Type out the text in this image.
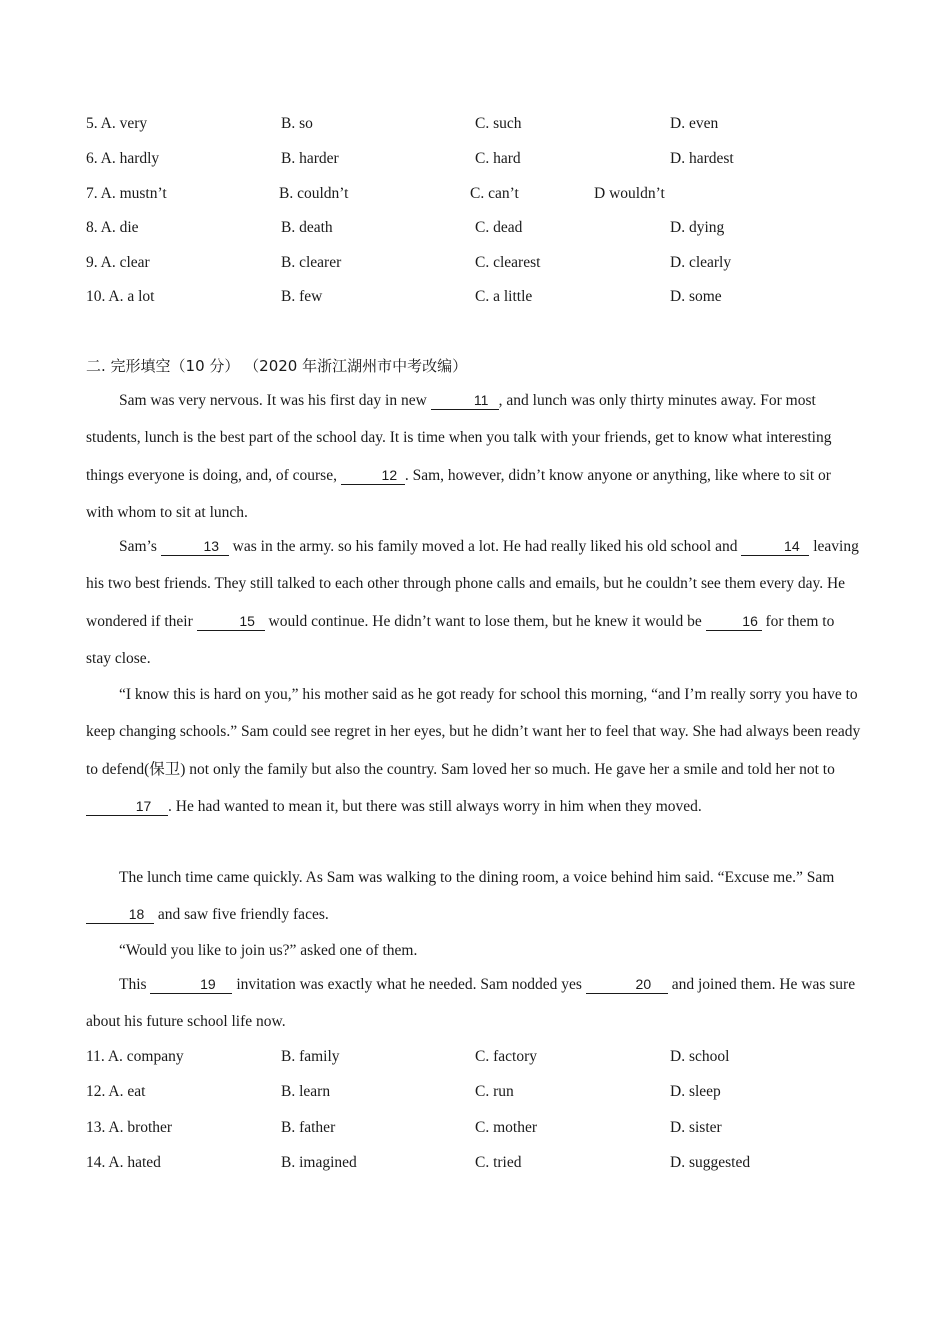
5. A. very	B. so	C. such	D. even
6. A. hardly	B. harder	C. hard	D. hardest
7. A. mustn’t	B. couldn’t	C. can’t	D wouldn’t
8. A. die	B. death	C. dead	D. dying
9. A. clear	B. clearer	C. clearest	D. clearly
10. A. a lot	B. few	C. a little	D. some
二. 完形填空（10 分） （2020 年浙江湖州市中考改编）
Sam was very nervous. It was his first day in new	11 , and lunch was only thirty minutes away. For most students, lunch is the best part of the school day. It is time when you talk with your friends, get to know what interesting things everyone is doing, and, of course,	12 . Sam, however, didn’t know anyone or anything, like where to sit or with whom to sit at lunch.
Sam’s	13 was in the army. so his family moved a lot. He had really liked his old school and	14 leaving his two best friends. They still talked to each other through phone calls and emails, but he couldn’t see them every day. He wondered if their	15 would continue. He didn’t want to lose them, but he knew it would be	16 for them to stay close.
“I know this is hard on you,” his mother said as he got ready for school this morning, “and I’m really sorry you have to keep changing schools.” Sam could see regret in her eyes, but he didn’t want her to feel that way. She had always been ready to defend(保卫) not only the family but also the country. Sam loved her so much. He gave her a smile and told her not to 17 . He had wanted to mean it, but there was still always worry in him when they moved.
The lunch time came quickly. As Sam was walking to the dining room, a voice behind him said. “Excuse me.” Sam 18 and saw five friendly faces.
“Would you like to join us?” asked one of them.
This	19 invitation was exactly what he needed. Sam nodded yes	20 and joined them. He was sure about his future school life now.
11. A. company	B. family	C. factory	D. school
12. A. eat	B. learn	C. run	D. sleep
13. A. brother	B. father	C. mother	D. sister
14. A. hated	B. imagined	C. tried	D. suggested
